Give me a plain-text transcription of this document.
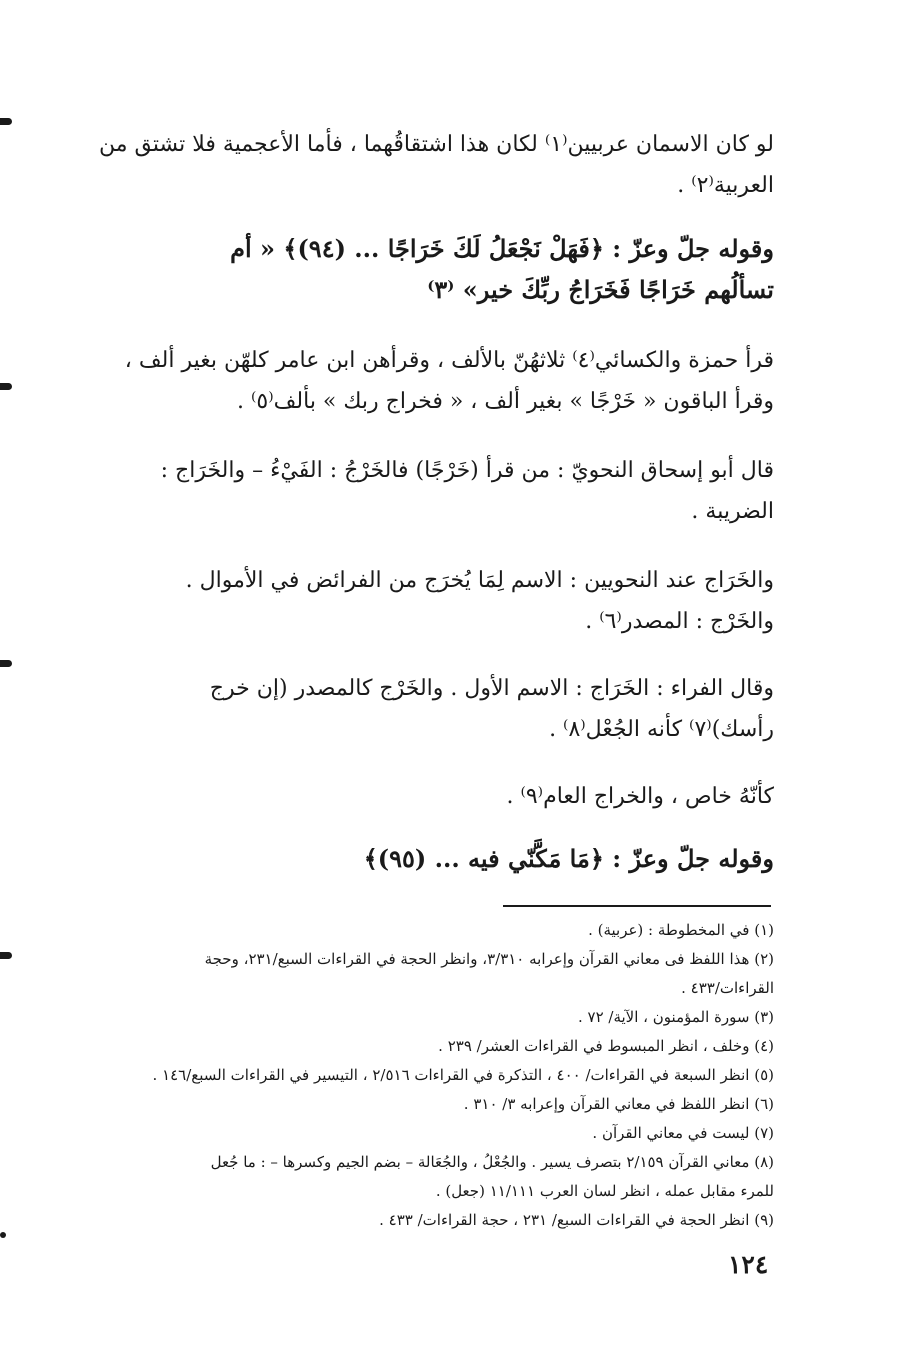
لو كان الاسمان عربيين⁽١⁾ لكان هذا اشتقاقُهما ، فأما الأعجمية فلا تشتق من
العربية⁽٢⁾ .
وقوله جلّ وعزّ : ﴿فَهَلْ نَجْعَلُ لَكَ خَرَاجًا ... (٩٤)﴾ « أم
تسألُهم خَرَاجًا فَخَرَاجُ ربِّكَ خير» ⁽٣⁾
قرأ حمزة والكسائي⁽٤⁾ ثلاثهُنّ بالألف ، وقرأهن ابن عامر كلهّن بغير ألف ،
وقرأ الباقون « خَرْجًا » بغير ألف ، « فخراج ربك » بألف⁽٥⁾ .
قال أبو إسحاق النحويّ : من قرأ (خَرْجًا) فالخَرْجُ : الفَيْءُ – والخَرَاج :
الضريبة .
والخَرَاج عند النحويين : الاسم لِمَا يُخرَج من الفرائض في الأموال .
والخَرْج : المصدر⁽٦⁾ .
وقال الفراء : الخَرَاج : الاسم الأول . والخَرْج كالمصدر (إن خرج
رأسك)⁽٧⁾ كأنه الجُعْل⁽٨⁾ .
كأنّهُ خاص ، والخراج العام⁽٩⁾ .
وقوله جلّ وعزّ : ﴿مَا مَكَّنّي فيه ... (٩٥)﴾
(١) في المخطوطة : (عربية) .
(٢) هذا اللفظ فى معاني القرآن وإعرابه ٣/٣١٠، وانظر الحجة في القراءات السبع/٢٣١، وحجة
القراءات/٤٣٣ .
(٣) سورة المؤمنون ، الآية/ ٧٢ .
(٤) وخلف ، انظر المبسوط في القراءات العشر/ ٢٣٩ .
(٥) انظر السبعة في القراءات/ ٤٠٠ ، التذكرة في القراءات ٢/٥١٦ ، التيسير في القراءات السبع/١٤٦ .
(٦) انظر اللفظ في معاني القرآن وإعرابه ٣/ ٣١٠ .
(٧) ليست في معاني القرآن .
(٨) معاني القرآن ٢/١٥٩ بتصرف يسير . والجُعْلُ ، والجُعَالة – بضم الجيم وكسرها – : ما جُعل
للمرء مقابل عمله ، انظر لسان العرب ١١/١١١ (جعل) .
(٩) انظر الحجة في القراءات السبع/ ٢٣١ ، حجة القراءات/ ٤٣٣ .
١٢٤
